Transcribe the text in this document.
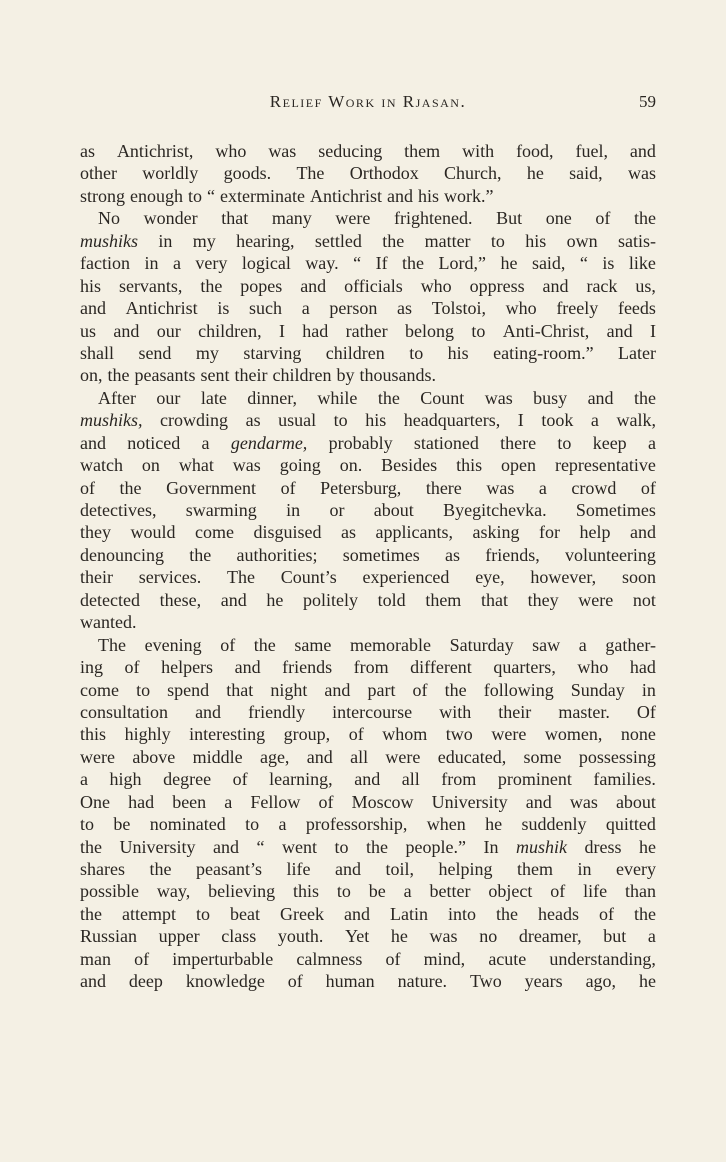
Relief Work in Rjasan.	59
as Antichrist, who was seducing them with food, fuel, and
other worldly goods. The Orthodox Church, he said, was
strong enough to “ exterminate Antichrist and his work.”
No wonder that many were frightened. But one of the
mushiks in my hearing, settled the matter to his own satis-
faction in a very logical way. “ If the Lord,” he said, “ is like
his servants, the popes and officials who oppress and rack us,
and Antichrist is such a person as Tolstoi, who freely feeds
us and our children, I had rather belong to Anti-Christ, and I
shall send my starving children to his eating-room.” Later
on, the peasants sent their children by thousands.
After our late dinner, while the Count was busy and the
mushiks, crowding as usual to his headquarters, I took a walk,
and noticed a gendarme, probably stationed there to keep a
watch on what was going on. Besides this open representative
of the Government of Petersburg, there was a crowd of
detectives, swarming in or about Byegitchevka. Sometimes
they would come disguised as applicants, asking for help and
denouncing the authorities; sometimes as friends, volunteering
their services. The Count’s experienced eye, however, soon
detected these, and he politely told them that they were not
wanted.
The evening of the same memorable Saturday saw a gather-
ing of helpers and friends from different quarters, who had
come to spend that night and part of the following Sunday in
consultation and friendly intercourse with their master. Of
this highly interesting group, of whom two were women, none
were above middle age, and all were educated, some possessing
a high degree of learning, and all from prominent families.
One had been a Fellow of Moscow University and was about
to be nominated to a professorship, when he suddenly quitted
the University and “ went to the people.” In mushik dress he
shares the peasant’s life and toil, helping them in every
possible way, believing this to be a better object of life than
the attempt to beat Greek and Latin into the heads of the
Russian upper class youth. Yet he was no dreamer, but a
man of imperturbable calmness of mind, acute understanding,
and deep knowledge of human nature. Two years ago, he
